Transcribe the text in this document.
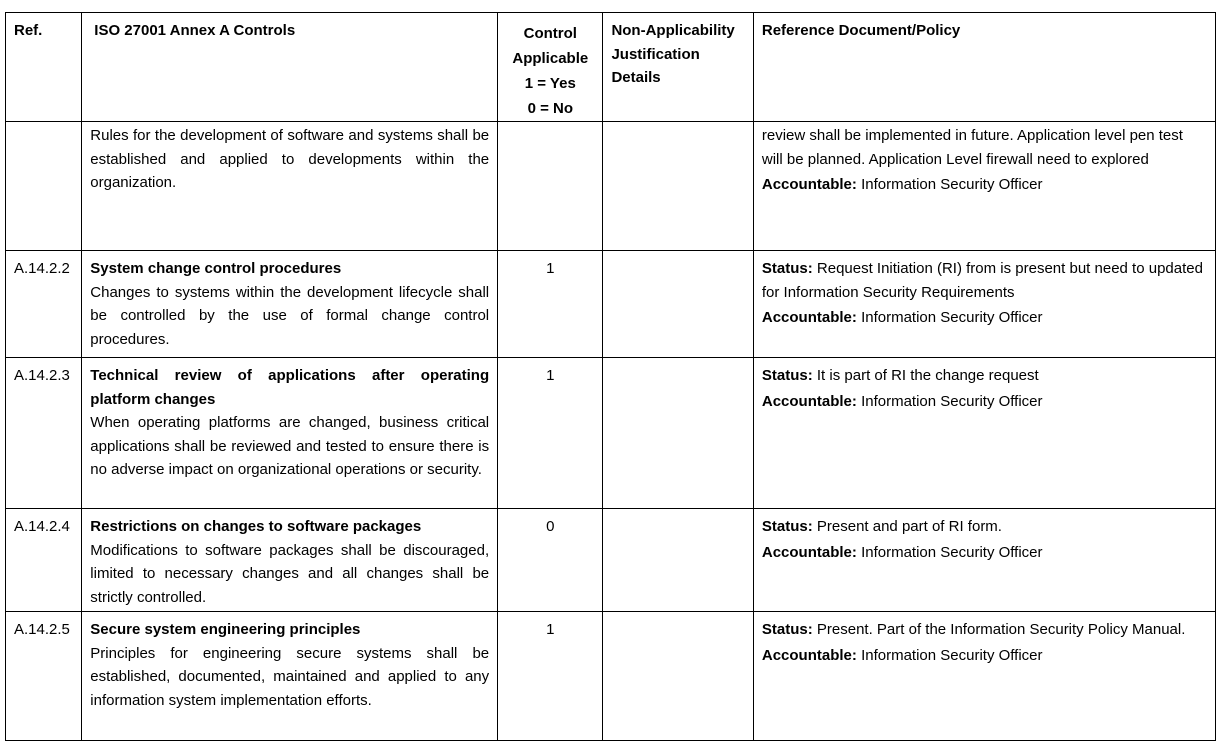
Ref.	ISO 27001 Annex A Controls	Control
Applicable
1 = Yes
0 = No	Non-Applicability Justification Details	Reference Document/Policy

	Rules for the development of software and systems shall be established and applied to developments within the organization.			review shall be implemented in future. Application level pen test will be planned. Application Level firewall need to explored
Accountable: Information Security Officer

A.14.2.2	System change control procedures
Changes to systems within the development lifecycle shall be controlled by the use of formal change control procedures.	1		Status: Request Initiation (RI) from is present but need to updated for Information Security Requirements
Accountable: Information Security Officer

A.14.2.3	Technical review of applications after operating platform changes
When operating platforms are changed, business critical applications shall be reviewed and tested to ensure there is no adverse impact on organizational operations or security.	1		Status: It is part of RI the change request
Accountable: Information Security Officer

A.14.2.4	Restrictions on changes to software packages
Modifications to software packages shall be discouraged, limited to necessary changes and all changes shall be strictly controlled.	0		Status: Present and part of RI form.
Accountable: Information Security Officer

A.14.2.5	Secure system engineering principles
Principles for engineering secure systems shall be established, documented, maintained and applied to any information system implementation efforts.	1		Status: Present. Part of the Information Security Policy Manual.
Accountable: Information Security Officer
